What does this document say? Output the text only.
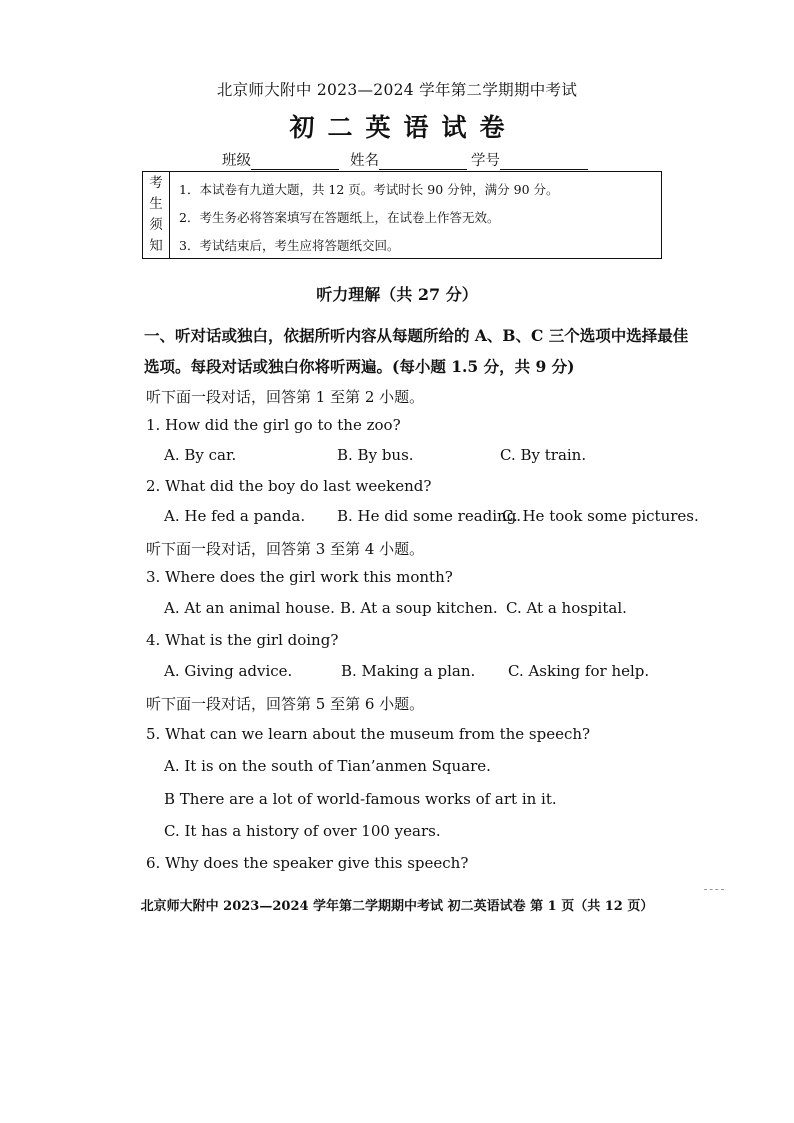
北京师大附中 2023—2024 学年第二学期期中考试
初二英语试卷
班级	姓名	学号
考
生
须
知
1．本试卷有九道大题，共 12 页。考试时长 90 分钟，满分 90 分。
2．考生务必将答案填写在答题纸上，在试卷上作答无效。
3．考试结束后，考生应将答题纸交回。
听力理解（共 27 分）
一、听对话或独白，依据所听内容从每题所给的 A、B、C 三个选项中选择最佳
选项。每段对话或独白你将听两遍。(每小题 1.5 分，共 9 分)
听下面一段对话，回答第 1 至第 2 小题。
1. How did the girl go to the zoo?
A. By car.	B. By bus.	C. By train.
2. What did the boy do last weekend?
A. He fed a panda. B. He did some reading.
C. He took some pictures.
听下面一段对话，回答第 3 至第 4 小题。
3. Where does the girl work this month?
A. At an animal house. B. At a soup kitchen. C. At a hospital.
4. What is the girl doing?
A. Giving advice.	B. Making a plan. C. Asking for help.
听下面一段对话，回答第 5 至第 6 小题。
5. What can we learn about the museum from the speech?
A. It is on the south of Tian’anmen Square.
B There are a lot of world-famous works of art in it.
C. It has a history of over 100 years.
6. Why does the speaker give this speech?
北京师大附中 2023—2024 学年第二学期期中考试 初二英语试卷 第 1 页（共 12 页）
